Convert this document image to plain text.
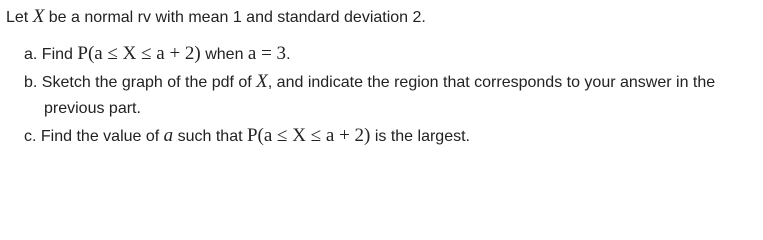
Let X be a normal rv with mean 1 and standard deviation 2.
a. Find P(a ≤ X ≤ a + 2) when a = 3.
b. Sketch the graph of the pdf of X, and indicate the region that corresponds to your answer in the
previous part.
c. Find the value of a such that P(a ≤ X ≤ a + 2) is the largest.
